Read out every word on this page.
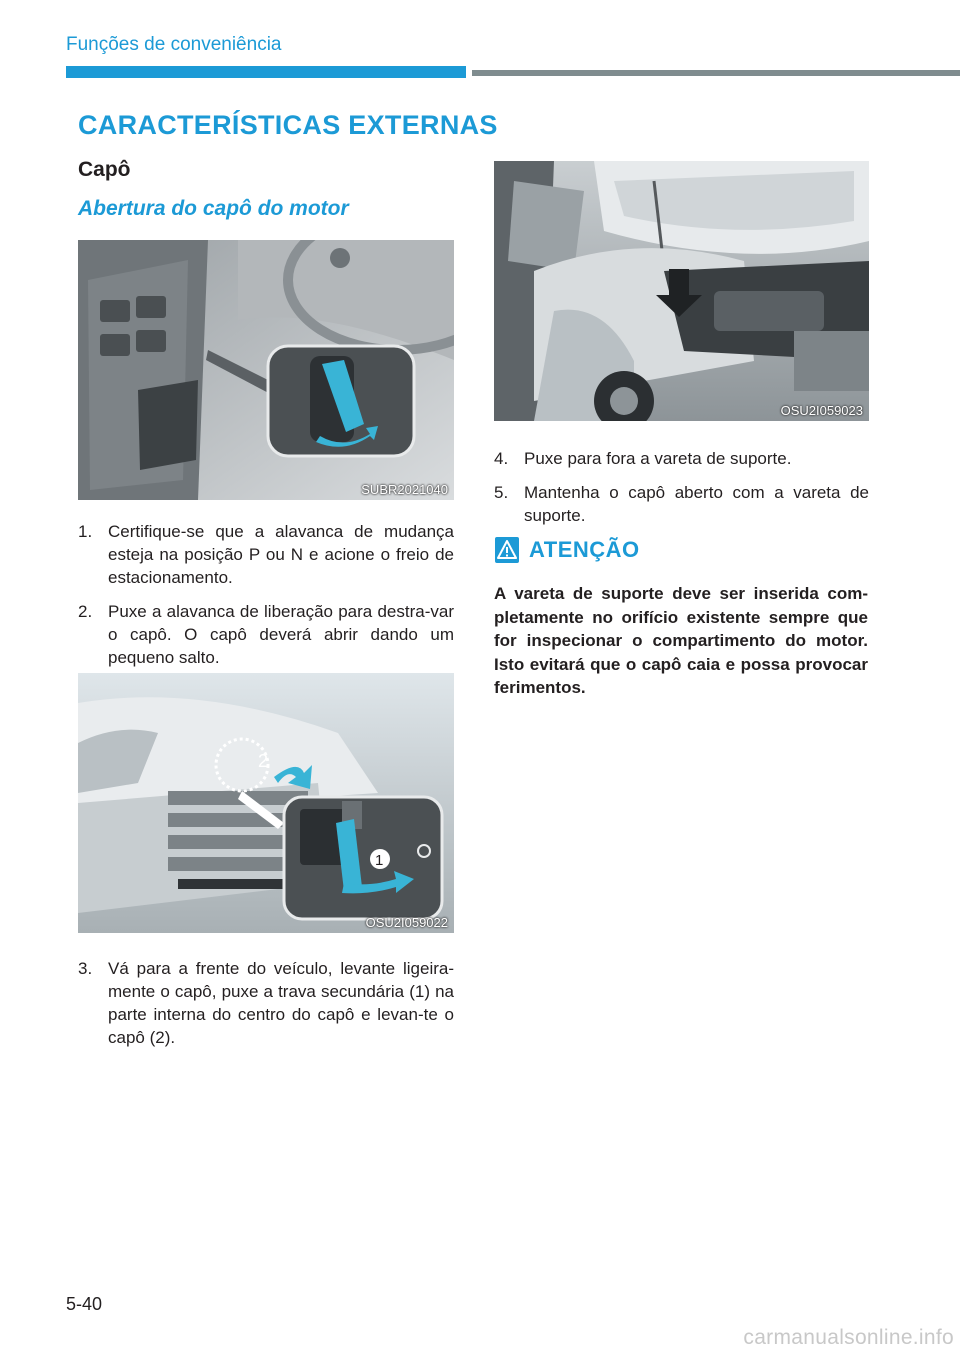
Funções de conveniência
CARACTERÍSTICAS EXTERNAS
Capô
Abertura do capô do motor
SUBR2021040
1. Certifique-se que a alavanca de mudança esteja na posição P ou N e acione o freio de estacionamento.
2. Puxe a alavanca de liberação para destra-var o capô. O capô deverá abrir dando um pequeno salto.
2
1
OSU2I059022
3. Vá para a frente do veículo, levante ligeira-mente o capô, puxe a trava secundária (1) na parte interna do centro do capô e levan-te o capô (2).
OSU2I059023
4. Puxe para fora a vareta de suporte.
5. Mantenha o capô aberto com a vareta de suporte.
ATENÇÃO

A vareta de suporte deve ser inserida com-pletamente no orifício existente sempre que for inspecionar o compartimento do motor. Isto evitará que o capô caia e possa provocar ferimentos.

5-40
carmanualsonline.info
